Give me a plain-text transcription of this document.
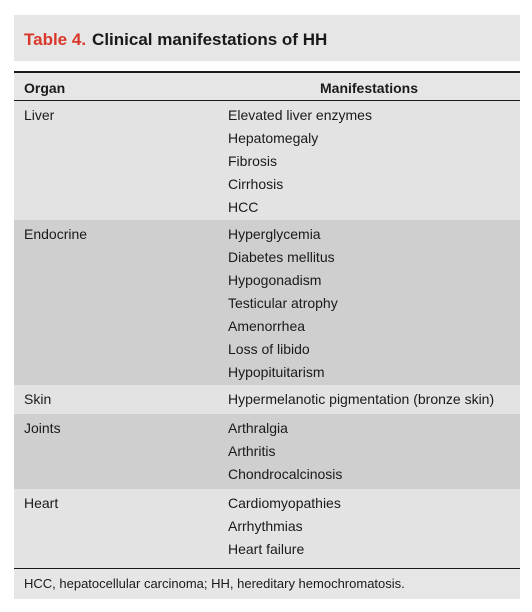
Table 4. Clinical manifestations of HH
Organ	Manifestations
Liver	Elevated liver enzymes
Hepatomegaly
Fibrosis
Cirrhosis
HCC
Endocrine	Hyperglycemia
Diabetes mellitus
Hypogonadism
Testicular atrophy
Amenorrhea
Loss of libido
Hypopituitarism
Skin	Hypermelanotic pigmentation (bronze skin)
Joints	Arthralgia
Arthritis
Chondrocalcinosis
Heart	Cardiomyopathies
Arrhythmias
Heart failure
HCC, hepatocellular carcinoma; HH, hereditary hemochromatosis.
